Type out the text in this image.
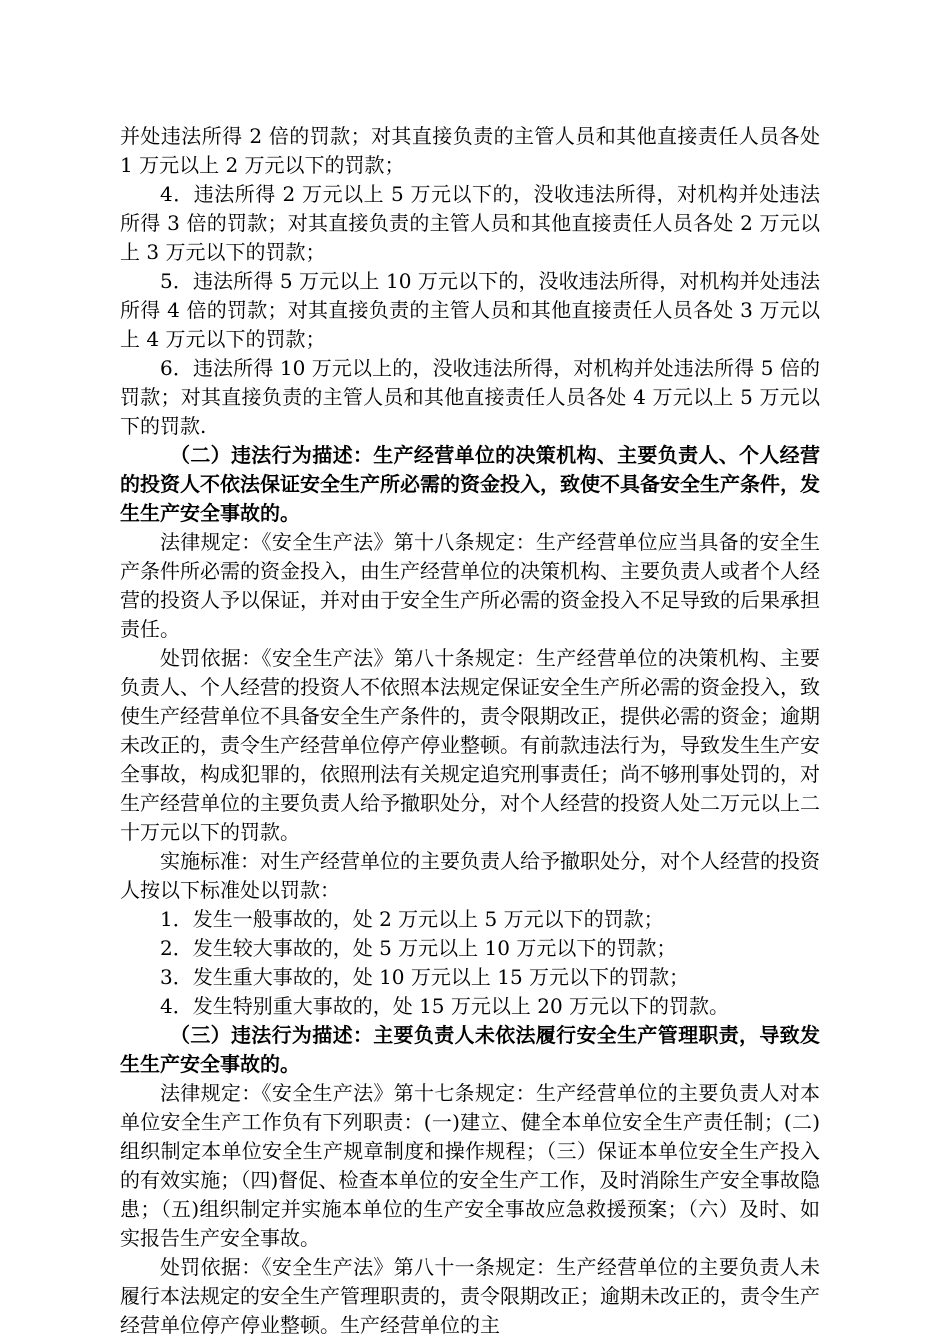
并处违法所得 2 倍的罚款；对其直接负责的主管人员和其他直接责任人员各处 1 万元以上 2 万元以下的罚款；

4．违法所得 2 万元以上 5 万元以下的，没收违法所得，对机构并处违法所得 3 倍的罚款；对其直接负责的主管人员和其他直接责任人员各处 2 万元以上 3 万元以下的罚款；

5．违法所得 5 万元以上 10 万元以下的，没收违法所得，对机构并处违法所得 4 倍的罚款；对其直接负责的主管人员和其他直接责任人员各处 3 万元以上 4 万元以下的罚款；

6．违法所得 10 万元以上的，没收违法所得，对机构并处违法所得 5 倍的罚款；对其直接负责的主管人员和其他直接责任人员各处 4 万元以上 5 万元以下的罚款.

（二）违法行为描述：生产经营单位的决策机构、主要负责人、个人经营的投资人不依法保证安全生产所必需的资金投入，致使不具备安全生产条件，发生生产安全事故的。

法律规定：《安全生产法》第十八条规定：生产经营单位应当具备的安全生产条件所必需的资金投入，由生产经营单位的决策机构、主要负责人或者个人经营的投资人予以保证，并对由于安全生产所必需的资金投入不足导致的后果承担责任。

处罚依据：《安全生产法》第八十条规定：生产经营单位的决策机构、主要负责人、个人经营的投资人不依照本法规定保证安全生产所必需的资金投入，致使生产经营单位不具备安全生产条件的，责令限期改正，提供必需的资金；逾期未改正的，责令生产经营单位停产停业整顿。有前款违法行为，导致发生生产安全事故，构成犯罪的，依照刑法有关规定追究刑事责任；尚不够刑事处罚的，对生产经营单位的主要负责人给予撤职处分，对个人经营的投资人处二万元以上二十万元以下的罚款。

实施标准：对生产经营单位的主要负责人给予撤职处分，对个人经营的投资人按以下标准处以罚款：

1．发生一般事故的，处 2 万元以上 5 万元以下的罚款；

2．发生较大事故的，处 5 万元以上 10 万元以下的罚款；

3．发生重大事故的，处 10 万元以上 15 万元以下的罚款；

4．发生特别重大事故的，处 15 万元以上 20 万元以下的罚款。

（三）违法行为描述：主要负责人未依法履行安全生产管理职责，导致发生生产安全事故的。

法律规定：《安全生产法》第十七条规定：生产经营单位的主要负责人对本单位安全生产工作负有下列职责：(一)建立、健全本单位安全生产责任制；(二)组织制定本单位安全生产规章制度和操作规程；（三）保证本单位安全生产投入的有效实施；（四)督促、检查本单位的安全生产工作，及时消除生产安全事故隐患；（五)组织制定并实施本单位的生产安全事故应急救援预案；（六）及时、如实报告生产安全事故。

处罚依据：《安全生产法》第八十一条规定：生产经营单位的主要负责人未履行本法规定的安全生产管理职责的，责令限期改正；逾期未改正的，责令生产经营单位停产停业整顿。生产经营单位的主
